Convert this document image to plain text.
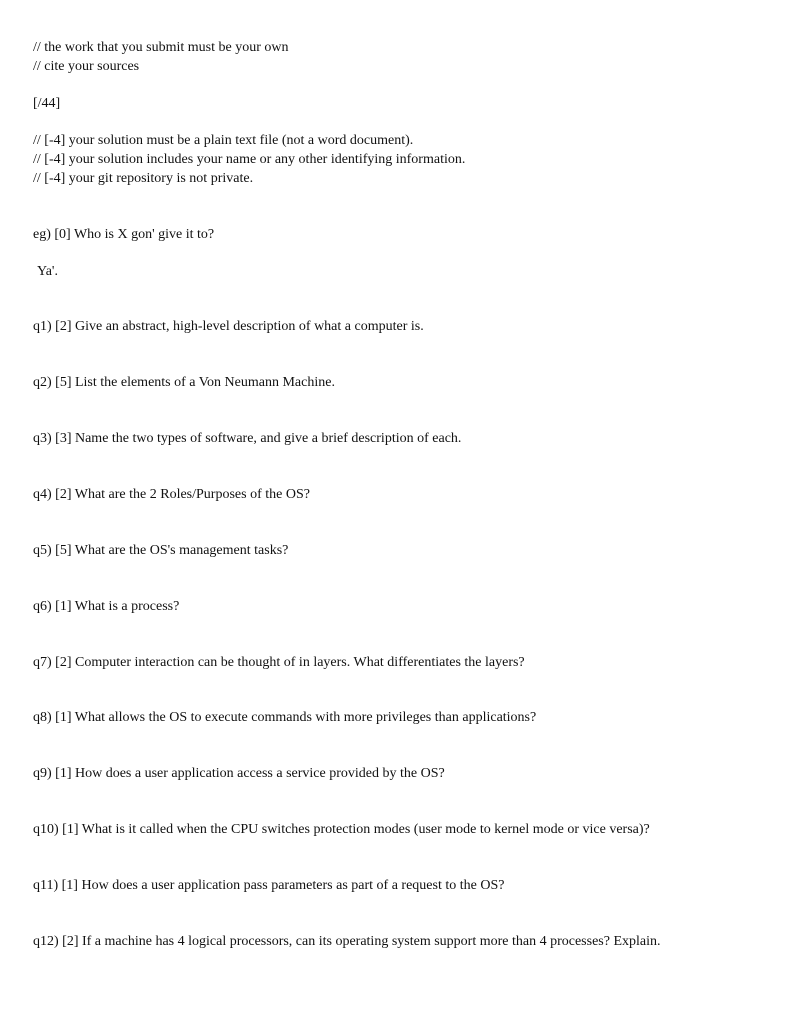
// the work that you submit must be your own
// cite your sources
[/44]
// [-4] your solution must be a plain text file (not a word document).
// [-4] your solution includes your name or any other identifying information.
// [-4] your git repository is not private.
eg) [0] Who is X gon' give it to?
Ya'.
q1) [2] Give an abstract, high-level description of what a computer is.
q2) [5] List the elements of a Von Neumann Machine.
q3) [3] Name the two types of software, and give a brief description of each.
q4) [2] What are the 2 Roles/Purposes of the OS?
q5) [5] What are the OS's management tasks?
q6) [1] What is a process?
q7) [2] Computer interaction can be thought of in layers. What differentiates the layers?
q8) [1] What allows the OS to execute commands with more privileges than applications?
q9) [1] How does a user application access a service provided by the OS?
q10) [1] What is it called when the CPU switches protection modes (user mode to kernel mode or vice versa)?
q11) [1] How does a user application pass parameters as part of a request to the OS?
q12) [2] If a machine has 4 logical processors, can its operating system support more than 4 processes? Explain.
